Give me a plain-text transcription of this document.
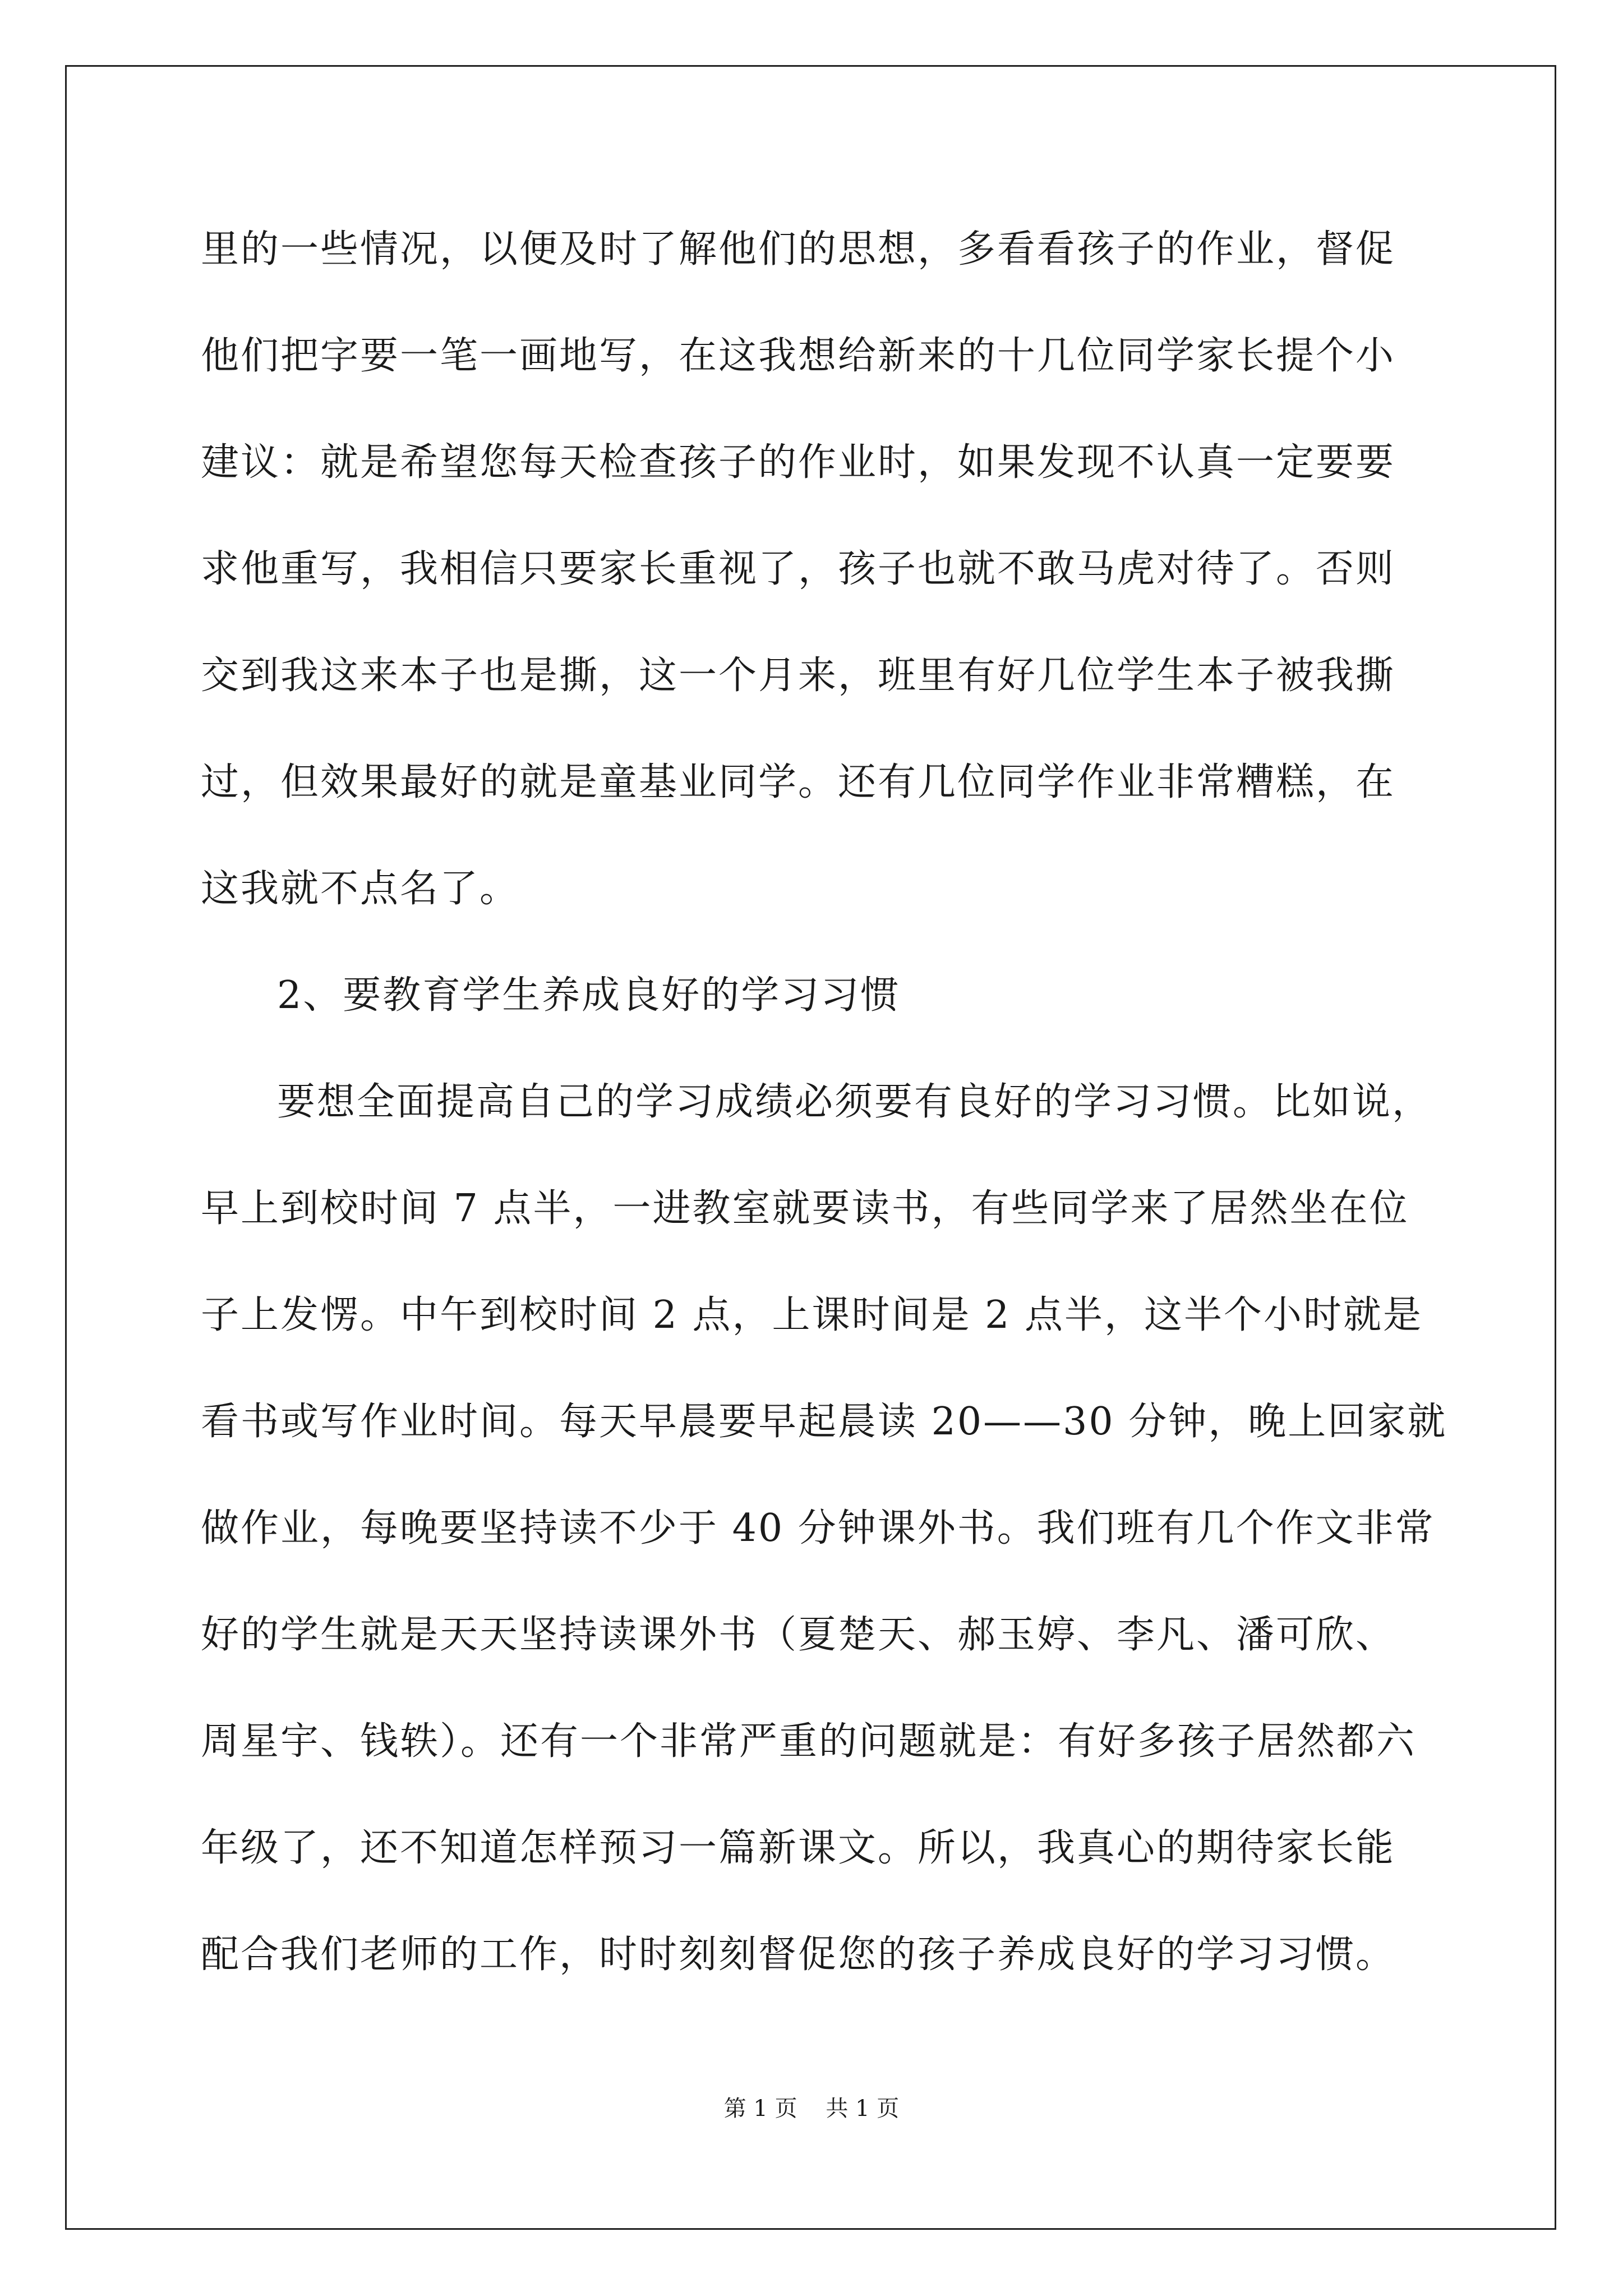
里的一些情况，以便及时了解他们的思想，多看看孩子的作业，督促
他们把字要一笔一画地写，在这我想给新来的十几位同学家长提个小
建议：就是希望您每天检查孩子的作业时，如果发现不认真一定要要
求他重写，我相信只要家长重视了，孩子也就不敢马虎对待了。否则
交到我这来本子也是撕，这一个月来，班里有好几位学生本子被我撕
过，但效果最好的就是童基业同学。还有几位同学作业非常糟糕，在
这我就不点名了。
2、要教育学生养成良好的学习习惯
要想全面提高自己的学习成绩必须要有良好的学习习惯。比如说，
早上到校时间 7 点半，一进教室就要读书，有些同学来了居然坐在位
子上发愣。中午到校时间 2 点，上课时间是 2 点半，这半个小时就是
看书或写作业时间。每天早晨要早起晨读 20——30 分钟，晚上回家就
做作业，每晚要坚持读不少于 40 分钟课外书。我们班有几个作文非常
好的学生就是天天坚持读课外书（夏楚天、郝玉婷、李凡、潘可欣、
周星宇、钱轶）。还有一个非常严重的问题就是：有好多孩子居然都六
年级了，还不知道怎样预习一篇新课文。所以，我真心的期待家长能
配合我们老师的工作，时时刻刻督促您的孩子养成良好的学习习惯。
第 1 页    共 1 页
